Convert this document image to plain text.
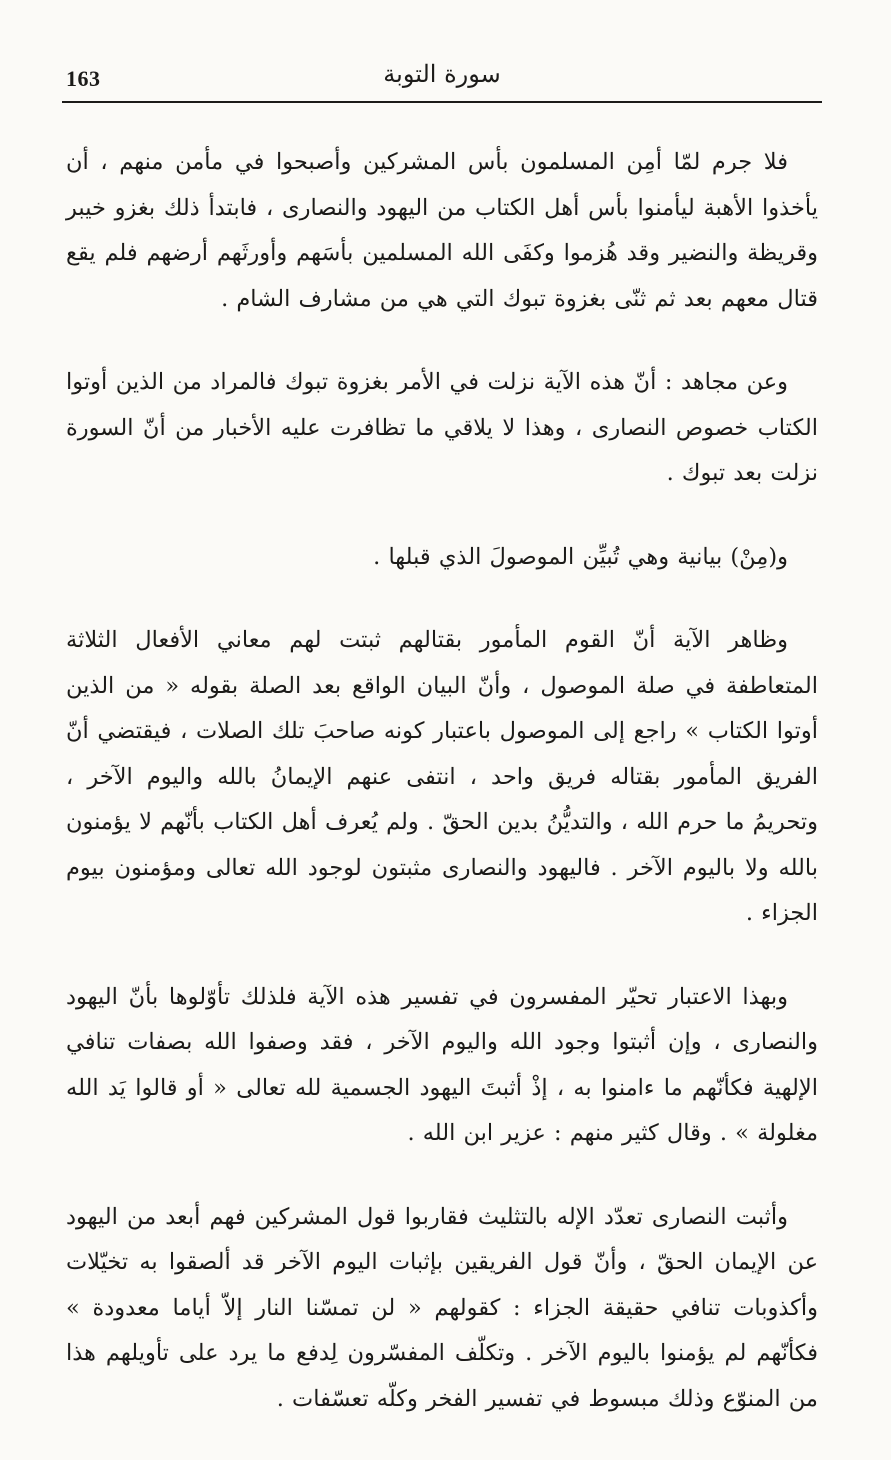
163	سورة التوبة

فلا جرم لمّا أمِن المسلمون بأس المشركين وأصبحوا في مأمن منهم ، أن يأخذوا الأهبة ليأمنوا بأس أهل الكتاب من اليهود والنصارى ، فابتدأ ذلك بغزو خيبر وقريظة والنضير وقد هُزموا وكفَى الله المسلمين بأسَهم وأورثَهم أرضهم فلم يقع قتال معهم بعد ثم ثنّى بغزوة تبوك التي هي من مشارف الشام .

وعن مجاهد : أنّ هذه الآية نزلت في الأمر بغزوة تبوك فالمراد من الذين أوتوا الكتاب خصوص النصارى ، وهذا لا يلاقي ما تظافرت عليه الأخبار من أنّ السورة نزلت بعد تبوك .

و(مِنْ) بيانية وهي تُبيِّن الموصولَ الذي قبلها .

وظاهر الآية أنّ القوم المأمور بقتالهم ثبتت لهم معاني الأفعال الثلاثة المتعاطفة في صلة الموصول ، وأنّ البيان الواقع بعد الصلة بقوله « من الذين أوتوا الكتاب » راجع إلى الموصول باعتبار كونه صاحبَ تلك الصلات ، فيقتضي أنّ الفريق المأمور بقتاله فريق واحد ، انتفى عنهم الإيمانُ بالله واليوم الآخر ، وتحريمُ ما حرم الله ، والتديُّنُ بدين الحقّ . ولم يُعرف أهل الكتاب بأنّهم لا يؤمنون بالله ولا باليوم الآخر . فاليهود والنصارى مثبتون لوجود الله تعالى ومؤمنون بيوم الجزاء .

وبهذا الاعتبار تحيّر المفسرون في تفسير هذه الآية فلذلك تأوّلوها بأنّ اليهود والنصارى ، وإن أثبتوا وجود الله واليوم الآخر ، فقد وصفوا الله بصفات تنافي الإلهية فكأنّهم ما ءامنوا به ، إذْ أثبتَ اليهود الجسمية لله تعالى « أو قالوا يَد الله مغلولة » . وقال كثير منهم : عزير ابن الله .

وأثبت النصارى تعدّد الإله بالتثليث فقاربوا قول المشركين فهم أبعد من اليهود عن الإيمان الحقّ ، وأنّ قول الفريقين بإثبات اليوم الآخر قد ألصقوا به تخيّلات وأكذوبات تنافي حقيقة الجزاء : كقولهم « لن تمسّنا النار إلاّ أياما معدودة » فكأنّهم لم يؤمنوا باليوم الآخر . وتكلّف المفسّرون لِدفع ما يرد على تأويلهم هذا من المنوّع وذلك مبسوط في تفسير الفخر وكلّه تعسّفات .
